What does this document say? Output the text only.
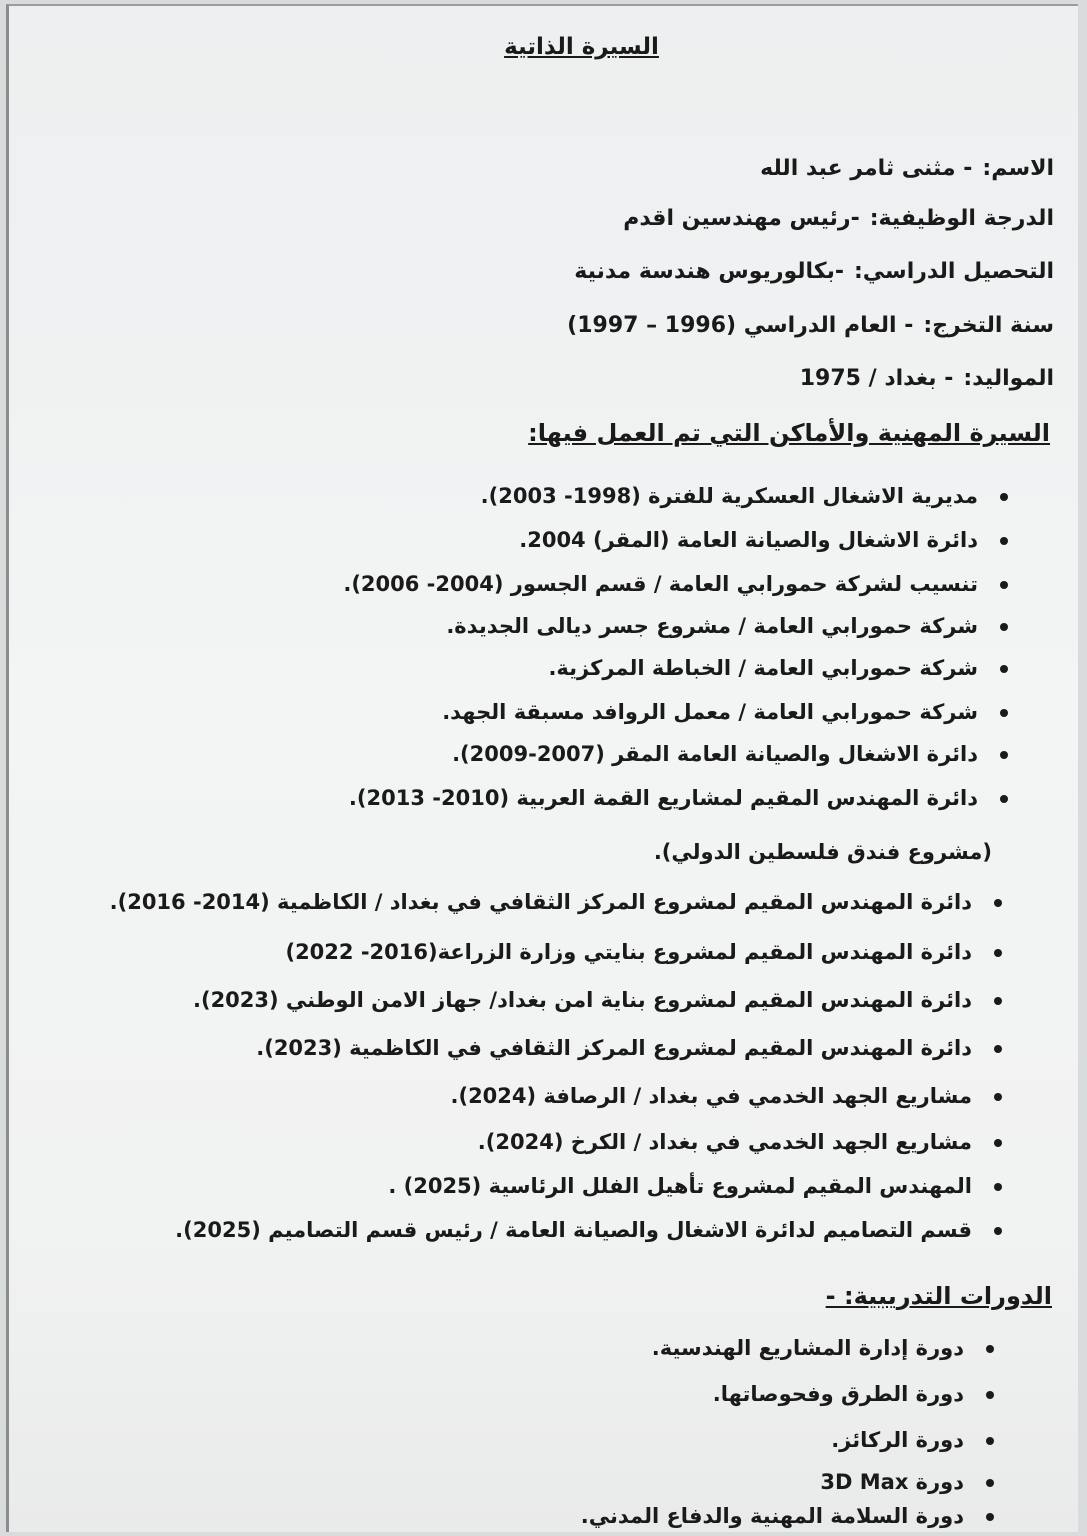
السيرة الذاتية
الاسم:- مثنى ثامر عبد الله
الدرجة الوظيفية:-رئيس مهندسين اقدم
التحصيل الدراسي:-بكالوريوس هندسة مدنية
سنة التخرج:- العام الدراسي (1996 – 1997)
المواليد:- بغداد / 1975
السيرة المهنية والأماكن التي تم العمل فيها:
مديرية الاشغال العسكرية للفترة (1998- 2003).
دائرة الاشغال والصيانة العامة (المقر) 2004.
تنسيب لشركة حمورابي العامة / قسم الجسور (2004- 2006).
شركة حمورابي العامة / مشروع جسر ديالى الجديدة.
شركة حمورابي العامة / الخباطة المركزية.
شركة حمورابي العامة / معمل الروافد مسبقة الجهد.
دائرة الاشغال والصيانة العامة المقر (2007-2009).
دائرة المهندس المقيم لمشاريع القمة العربية (2010- 2013).
(مشروع فندق فلسطين الدولي).
دائرة المهندس المقيم لمشروع المركز الثقافي في بغداد / الكاظمية (2014- 2016).
دائرة المهندس المقيم لمشروع بنايتي وزارة الزراعة(2016- 2022)
دائرة المهندس المقيم لمشروع بناية امن بغداد/ جهاز الامن الوطني (2023).
دائرة المهندس المقيم لمشروع المركز الثقافي في الكاظمية (2023).
مشاريع الجهد الخدمي في بغداد / الرصافة (2024).
مشاريع الجهد الخدمي في بغداد / الكرخ (2024).
المهندس المقيم لمشروع تأهيل الفلل الرئاسية (2025) .
قسم التصاميم لدائرة الاشغال والصيانة العامة / رئيس قسم التصاميم (2025).
الدورات التدريبية: -
دورة إدارة المشاريع الهندسية.
دورة الطرق وفحوصاتها.
دورة الركائز.
دورة 3D Max
دورة السلامة المهنية والدفاع المدني.
